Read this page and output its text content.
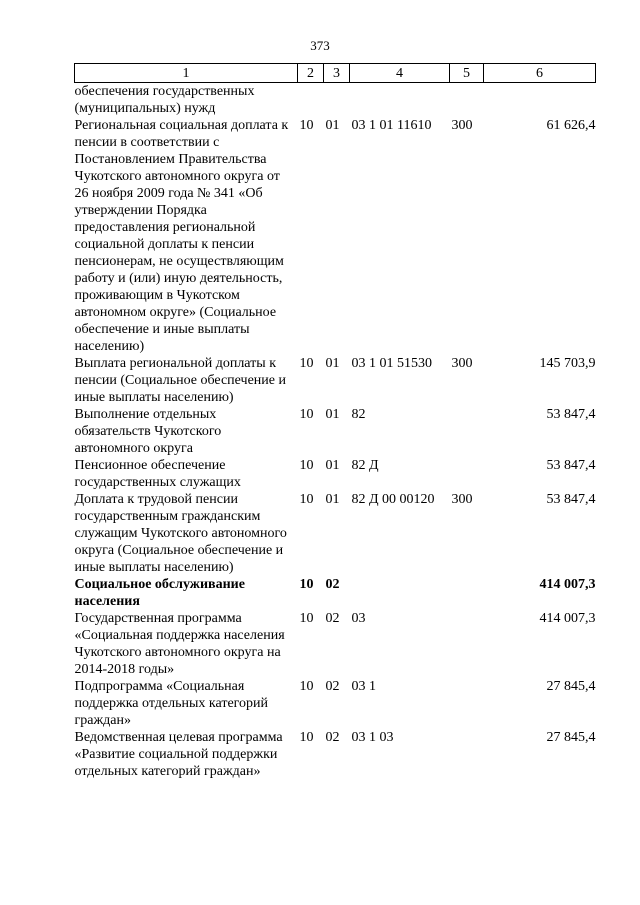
373
1	2	3	4	5	6
обеспечения государственных (муниципальных) нужд					
Региональная социальная доплата к пенсии в соответствии с Постановлением Правительства Чукотского автономного округа от 26 ноября 2009 года № 341 «Об утверждении Порядка предоставления региональной социальной доплаты к пенсии пенсионерам, не осуществляющим работу и (или) иную деятельность, проживающим в Чукотском автономном округе» (Социальное обеспечение и иные выплаты населению)	10	01	03 1 01 11610	300	61 626,4
Выплата региональной доплаты к пенсии (Социальное обеспечение и иные выплаты населению)	10	01	03 1 01 51530	300	145 703,9
Выполнение отдельных обязательств Чукотского автономного округа	10	01	82		53 847,4
Пенсионное обеспечение государственных служащих	10	01	82 Д		53 847,4
Доплата к трудовой пенсии государственным гражданским служащим Чукотского автономного округа (Социальное обеспечение и иные выплаты населению)	10	01	82 Д 00 00120	300	53 847,4
Социальное обслуживание населения	10	02			414 007,3
Государственная программа «Социальная поддержка населения Чукотского автономного округа на 2014-2018 годы»	10	02	03		414 007,3
Подпрограмма «Социальная поддержка отдельных категорий граждан»	10	02	03 1		27 845,4
Ведомственная целевая программа «Развитие социальной поддержки отдельных категорий граждан»	10	02	03 1 03		27 845,4
